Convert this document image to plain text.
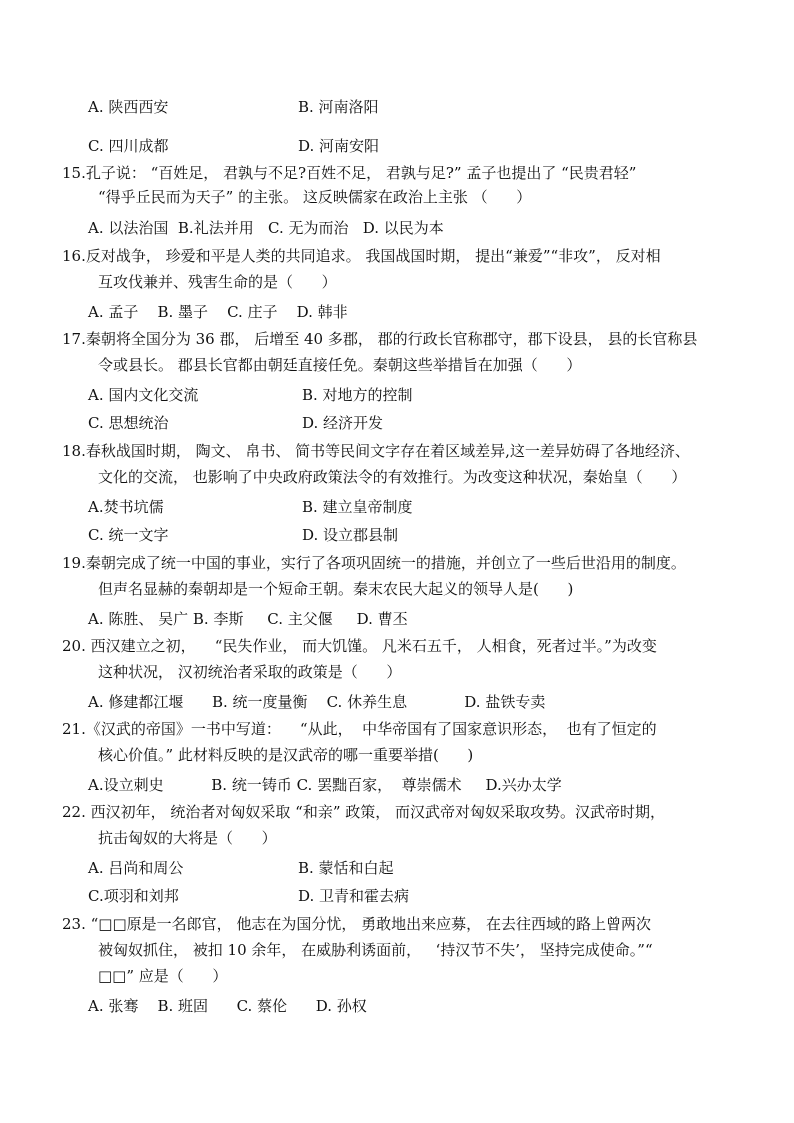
A. 陕西西安	B. 河南洛阳
C. 四川成都	D. 河南安阳
15.孔子说： “百姓足， 君孰与不足?百姓不足， 君孰与足?” 孟子也提出了 “民贵君轻”
“得乎丘民而为天子” 的主张。 这反映儒家在政治上主张 （      ）
A. 以法治国  B.礼法并用   C. 无为而治   D. 以民为本
16.反对战争， 珍爱和平是人类的共同追求。 我国战国时期， 提出“兼爱”“非攻”， 反对相
互攻伐兼并、残害生命的是（      ）
A. 孟子    B. 墨子    C. 庄子    D. 韩非
17.秦朝将全国分为 36 郡， 后增至 40 多郡， 郡的行政长官称郡守，郡下设县， 县的长官称县
令或县长。 郡县长官都由朝廷直接任免。秦朝这些举措旨在加强（      ）
A. 国内文化交流	B. 对地方的控制
C. 思想统治	D. 经济开发
18.春秋战国时期， 陶文、 帛书、 简书等民间文字存在着区域差异,这一差异妨碍了各地经济、
文化的交流， 也影响了中央政府政策法令的有效推行。为改变这种状况，秦始皇（      ）
A.焚书坑儒	B. 建立皇帝制度
C. 统一文字	D. 设立郡县制
19.秦朝完成了统一中国的事业，实行了各项巩固统一的措施，并创立了一些后世沿用的制度。
但声名显赫的秦朝却是一个短命王朝。秦末农民大起义的领导人是(      )
A. 陈胜、 吴广 B. 李斯     C. 主父偃     D. 曹丕
20. 西汉建立之初，    “民失作业， 而大饥馑。 凡米石五千， 人相食，死者过半。”为改变
这种状况， 汉初统治者采取的政策是（      ）
A. 修建都江堰      B. 统一度量衡    C. 休养生息            D. 盐铁专卖
21.《汉武的帝国》一书中写道：    “从此，  中华帝国有了国家意识形态，  也有了恒定的
核心价值。” 此材料反映的是汉武帝的哪一重要举措(      )
A.设立刺史          B. 统一铸币 C. 罢黜百家，  尊崇儒术     D.兴办太学
22. 西汉初年， 统治者对匈奴采取 “和亲” 政策， 而汉武帝对匈奴采取攻势。汉武帝时期，
抗击匈奴的大将是（      ）
A. 吕尚和周公	B. 蒙恬和白起
C.项羽和刘邦	D. 卫青和霍去病
23. “□□原是一名郎官， 他志在为国分忧， 勇敢地出来应募， 在去往西域的路上曾两次
被匈奴抓住， 被扣 10 余年， 在威胁利诱面前，   ‘持汉节不失’， 坚持完成使命。”“
□□” 应是（      ）
A. 张骞    B. 班固      C. 蔡伦      D. 孙权
